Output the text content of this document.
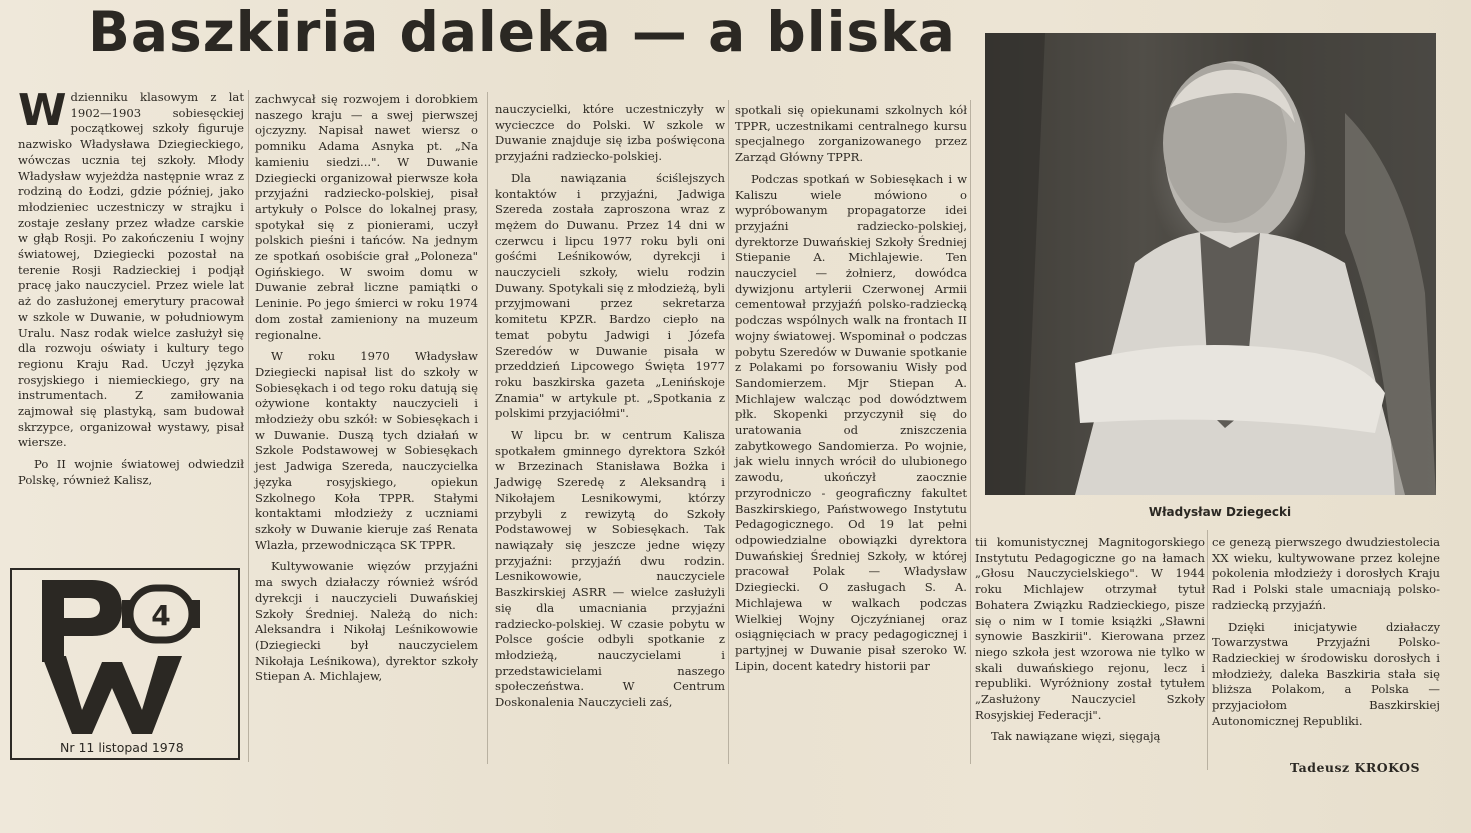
Baszkiria daleka — a bliska

Wdzienniku klasowym z lat 1902—1903 sobiesęckiej początkowej szkoły figuruje nazwisko Władysława Dziegieckiego, wówczas ucznia tej szkoły. Młody Władysław wyjeżdża następnie wraz z rodziną do Łodzi, gdzie później, jako młodzieniec uczestniczy w strajku i zostaje zesłany przez władze carskie w głąb Rosji. Po zakończeniu I wojny światowej, Dziegiecki pozostał na terenie Rosji Radzieckiej i podjął pracę jako nauczyciel. Przez wiele lat aż do zasłużonej emerytury pracował w szkole w Duwanie, w południowym Uralu. Nasz rodak wielce zasłużył się dla rozwoju oświaty i kultury tego regionu Kraju Rad. Uczył języka rosyjskiego i niemieckiego, gry na instrumentach. Z zamiłowania zajmował się plastyką, sam budował skrzypce, organizował wystawy, pisał wiersze.

Po II wojnie światowej odwiedził Polskę, również Kalisz,

zachwycał się rozwojem i dorobkiem naszego kraju — a swej pierwszej ojczyzny. Napisał nawet wiersz o pomniku Adama Asnyka pt. „Na kamieniu siedzi...". W Duwanie Dziegiecki organizował pierwsze koła przyjaźni radziecko-polskiej, pisał artykuły o Polsce do lokalnej prasy, spotykał się z pionierami, uczył polskich pieśni i tańców. Na jednym ze spotkań osobiście grał „Poloneza" Ogińskiego. W swoim domu w Duwanie zebrał liczne pamiątki o Leninie. Po jego śmierci w roku 1974 dom został zamieniony na muzeum regionalne.

W roku 1970 Władysław Dziegiecki napisał list do szkoły w Sobiesękach i od tego roku datują się ożywione kontakty nauczycieli i młodzieży obu szkół: w Sobiesękach i w Duwanie. Duszą tych działań w Szkole Podstawowej w Sobiesękach jest Jadwiga Szereda, nauczycielka języka rosyjskiego, opiekun Szkolnego Koła TPPR. Stałymi kontaktami młodzieży z uczniami szkoły w Duwanie kieruje zaś Renata Wlazła, przewodnicząca SK TPPR.

Kultywowanie więzów przyjaźni ma swych działaczy również wśród dyrekcji i nauczycieli Duwańskiej Szkoły Średniej. Należą do nich: Aleksandra i Nikołaj Leśnikowowie (Dziegiecki był nauczycielem Nikołaja Leśnikowa), dyrektor szkoły Stiepan A. Michlajew,

nauczycielki, które uczestniczyły w wycieczce do Polski. W szkole w Duwanie znajduje się izba poświęcona przyjaźni radziecko-polskiej.

Dla nawiązania ściślejszych kontaktów i przyjaźni, Jadwiga Szereda została zaproszona wraz z mężem do Duwanu. Przez 14 dni w czerwcu i lipcu 1977 roku byli oni gośćmi Leśnikowów, dyrekcji i nauczycieli szkoły, wielu rodzin Duwany. Spotykali się z młodzieżą, byli przyjmowani przez sekretarza komitetu KPZR. Bardzo ciepło na temat pobytu Jadwigi i Józefa Szeredów w Duwanie pisała w przeddzień Lipcowego Święta 1977 roku baszkirska gazeta „Lenińskoje Znamia" w artykule pt. „Spotkania z polskimi przyjaciółmi".

W lipcu br. w centrum Kalisza spotkałem gminnego dyrektora Szkół w Brzezinach Stanisława Bożka i Jadwigę Szeredę z Aleksandrą i Nikołajem Lesnikowymi, którzy przybyli z rewizytą do Szkoły Podstawowej w Sobiesękach. Tak nawiązały się jeszcze jedne więzy przyjaźni: przyjaźń dwu rodzin. Lesnikowowie, nauczyciele Baszkirskiej ASRR — wielce zasłużyli się dla umacniania przyjaźni radziecko-polskiej. W czasie pobytu w Polsce goście odbyli spotkanie z młodzieżą, nauczycielami i przedstawicielami naszego społeczeństwa. W Centrum Doskonalenia Nauczycieli zaś,

spotkali się opiekunami szkolnych kół TPPR, uczestnikami centralnego kursu specjalnego zorganizowanego przez Zarząd Główny TPPR.

Podczas spotkań w Sobiesękach i w Kaliszu wiele mówiono o wypróbowanym propagatorze idei przyjaźni radziecko-polskiej, dyrektorze Duwańskiej Szkoły Średniej Stiepanie A. Michlajewie. Ten nauczyciel — żołnierz, dowódca dywizjonu artylerii Czerwonej Armii cementował przyjaźń polsko-radziecką podczas wspólnych walk na frontach II wojny światowej. Wspominał o podczas pobytu Szeredów w Duwanie spotkanie z Polakami po forsowaniu Wisły pod Sandomierzem. Mjr Stiepan A. Michlajew walcząc pod dowództwem płk. Skopenki przyczynił się do uratowania od zniszczenia zabytkowego Sandomierza. Po wojnie, jak wielu innych wrócił do ulubionego zawodu, ukończył zaocznie przyrodniczo - geograficzny fakultet Baszkirskiego, Państwowego Instytutu Pedagogicznego. Od 19 lat pełni odpowiedzialne obowiązki dyrektora Duwańskiej Średniej Szkoły, w której pracował Polak — Władysław Dziegiecki. O zasługach S. A. Michlajewa w walkach podczas Wielkiej Wojny Ojczyźnianej oraz osiągnięciach w pracy pedagogicznej i partyjnej w Duwanie pisał szeroko W. Lipin, docent katedry historii par

Władysław Dziegecki

tii komunistycznej Magnitogorskiego Instytutu Pedagogiczne go na łamach „Głosu Nauczycielskiego". W 1944 roku Michlajew otrzymał tytuł Bohatera Związku Radzieckiego, pisze się o nim w I tomie książki „Sławni synowie Baszkirii". Kierowana przez niego szkoła jest wzorowa nie tylko w skali duwańskiego rejonu, lecz i republiki. Wyróżniony został tytułem „Zasłużony Nauczyciel Szkoły Rosyjskiej Federacji".

Tak nawiązane więzi, sięgają

ce genezą pierwszego dwudziestolecia XX wieku, kultywowane przez kolejne pokolenia młodzieży i dorosłych Kraju Rad i Polski stale umacniają polsko-radziecką przyjaźń.

Dzięki inicjatywie działaczy Towarzystwa Przyjaźni Polsko-Radzieckiej w środowisku dorosłych i młodzieży, daleka Baszkiria stała się bliższa Polakom, a Polska — przyjaciołom Baszkirskiej Autonomicznej Republiki.

Tadeusz KROKOS
4
Nr 11 listopad 1978
